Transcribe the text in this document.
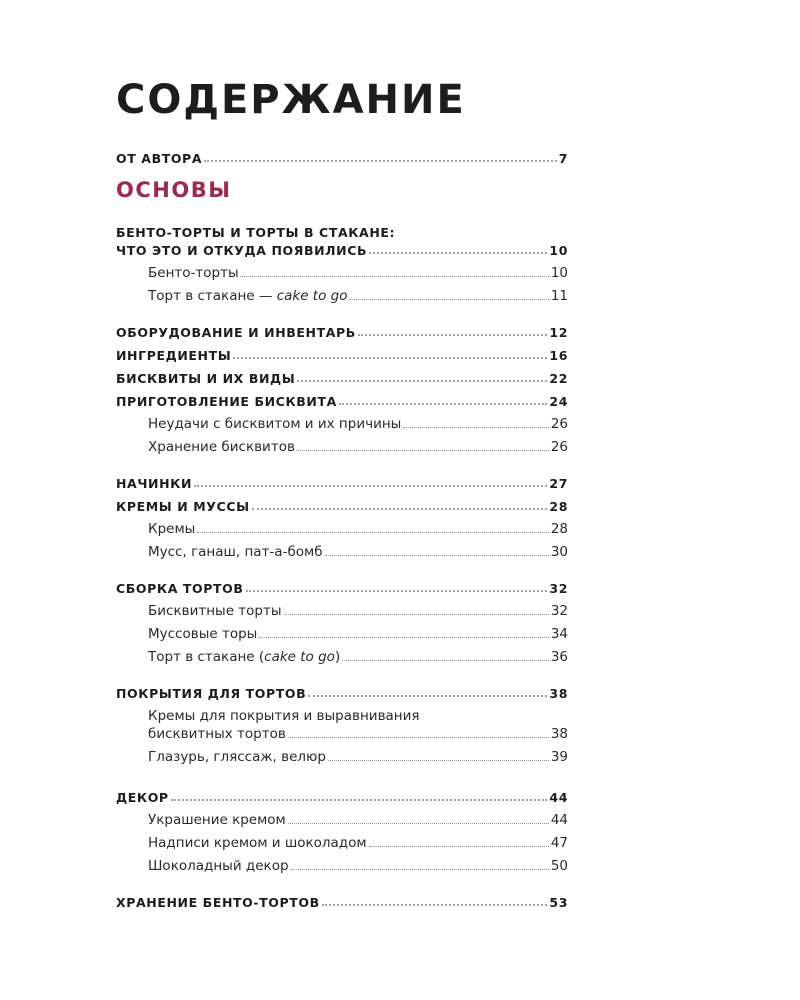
СОДЕРЖАНИЕ
ОСНОВЫ
ОТ АВТОРА	7
БЕНТО-ТОРТЫ И ТОРТЫ В СТАКАНЕ:
ЧТО ЭТО И ОТКУДА ПОЯВИЛИСЬ	10
Бенто-торты	10
Торт в стакане — cake to go	11
ОБОРУДОВАНИЕ И ИНВЕНТАРЬ	12
ИНГРЕДИЕНТЫ	16
БИСКВИТЫ И ИХ ВИДЫ	22
ПРИГОТОВЛЕНИЕ БИСКВИТА	24
Неудачи с бисквитом и их причины	26
Хранение бисквитов	26
НАЧИНКИ	27
КРЕМЫ И МУССЫ	28
Кремы	28
Мусс, ганаш, пат-а-бомб	30
СБОРКА ТОРТОВ	32
Бисквитные торты	32
Муссовые торы	34
Торт в стакане (cake to go)	36
ПОКРЫТИЯ ДЛЯ ТОРТОВ	38
Кремы для покрытия и выравнивания
бисквитных тортов	38
Глазурь, глясcаж, велюр	39
ДЕКОР	44
Украшение кремом	44
Надписи кремом и шоколадом	47
Шоколадный декор	50
ХРАНЕНИЕ БЕНТО-ТОРТОВ	53
